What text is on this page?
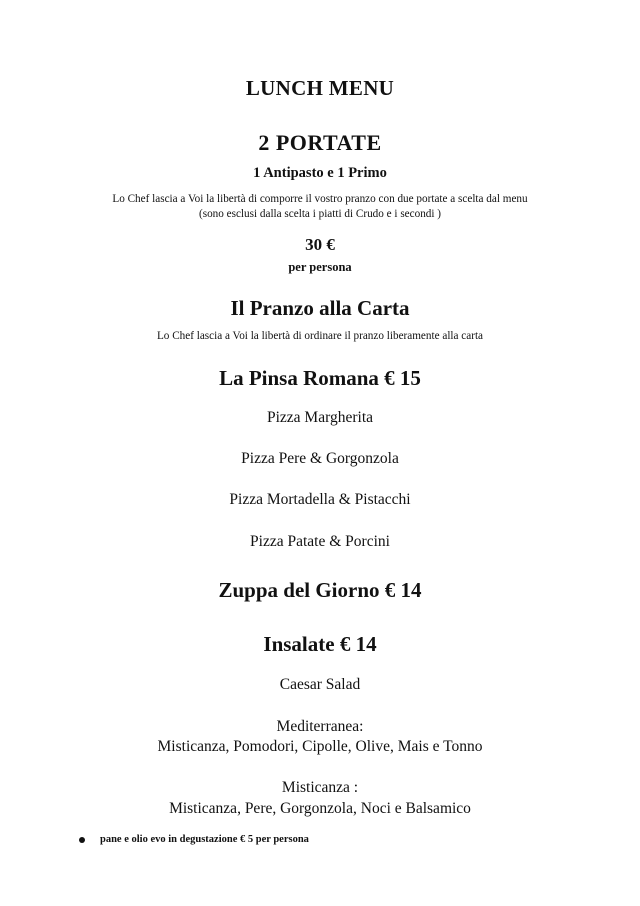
LUNCH MENU
2 PORTATE
1 Antipasto e 1 Primo
Lo Chef lascia a Voi la libertà di comporre il vostro pranzo con due portate a scelta dal menu
(sono esclusi dalla scelta i piatti di Crudo e i secondi )
30 €
per persona
Il Pranzo alla Carta
Lo Chef lascia a Voi la libertà di ordinare il pranzo liberamente alla carta
La Pinsa Romana € 15
Pizza Margherita
Pizza Pere & Gorgonzola
Pizza Mortadella & Pistacchi
Pizza Patate & Porcini
Zuppa del Giorno € 14
Insalate € 14
Caesar Salad
Mediterranea:
Misticanza, Pomodori, Cipolle, Olive, Mais e Tonno
Misticanza :
Misticanza, Pere, Gorgonzola, Noci e Balsamico
pane e olio evo in degustazione € 5 per persona
